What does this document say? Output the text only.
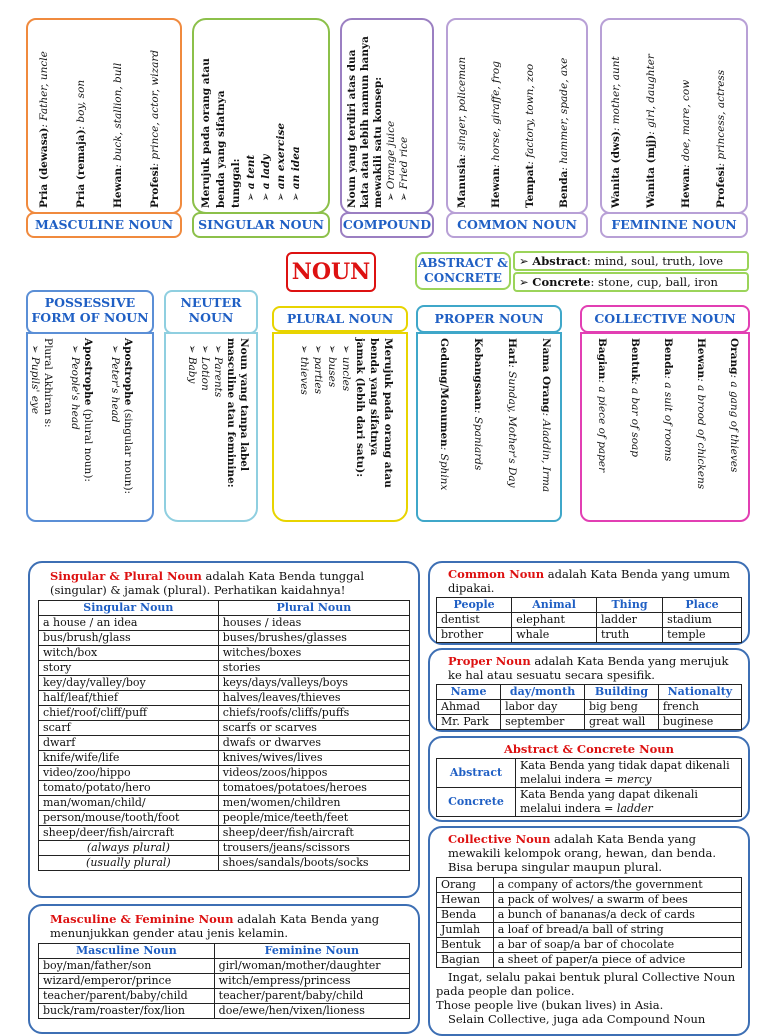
NOUN
Pria (dewasa): Father, uncle
Pria (remaja): boy, son
Hewan: buck, stallion, bull
Profesi: prince, actor, wizard
MASCULINE NOUN
Merujuk pada orang atau benda yang sifatnya tunggal: ➢ a tent
➢ a lady
➢ an exercise
➢ an idea
SINGULAR NOUN
Noun yang terdiri atas dua kata atau lebih namun hanya mewakili satu konsep: ➢ Orange juice
➢ Fried rice
COMPOUND
Manusia: singer, policeman
Hewan: horse, giraffe, frog
Tempat: factory, town, zoo
Benda: hammer, spade, axe
COMMON NOUN
Wanita (dws): mother, aunt
Wanita (mjj): girl, daughter
Hewan: doe, mare, cow
Profesi: princess, actress
FEMININE NOUN
ABSTRACT & CONCRETE
➢ Abstract: mind, soul, truth, love
➢ Concrete: stone, cup, ball, iron
POSSESSIVE FORM OF NOUN
Apostrophe (singular noun):
➢ Peter's head
Apostrophe (plural noun):
➢ People's head
Plural Akhiran s:
➢ Pupils' eye
NEUTER NOUN
Noun yang tanpa label
masculine atau feminine:
➢ Parents
➢ Lotion
➢ Baby
PLURAL NOUN
Merujuk pada orang atau
benda yang sifatnya
jamak (lebih dari satu):
➢ uncles
➢ buses
➢ parties
➢ thieves
PROPER NOUN
Nama Orang: Aladdin, Irma
Hari: Sunday, Mother's Day
Kebangsaan: Spaniards
Gedung/Monumen: Sphinx
COLLECTIVE NOUN
Orang: a gang of thieves
Hewan: a brood of chickens
Benda: a suit of rooms
Bentuk: a bar of soap
Bagian: a piece of paper
Singular & Plural Noun adalah Kata Benda tunggal (singular) & jamak (plural). Perhatikan kaidahnya!
Singular Noun	Plural Noun
a house / an idea	houses / ideas
bus/brush/glass	buses/brushes/glasses
witch/box	witches/boxes
story	stories
key/day/valley/boy	keys/days/valleys/boys
half/leaf/thief	halves/leaves/thieves
chief/roof/cliff/puff	chiefs/roofs/cliffs/puffs
scarf	scarfs or scarves
dwarf	dwafs or dwarves
knife/wife/life	knives/wives/lives
video/zoo/hippo	videos/zoos/hippos
tomato/potato/hero	tomatoes/potatoes/heroes
man/woman/child/	men/women/children
person/mouse/tooth/foot	people/mice/teeth/feet
sheep/deer/fish/aircraft	sheep/deer/fish/aircraft
(always plural)	trousers/jeans/scissors
(usually plural)	shoes/sandals/boots/socks
Masculine & Feminine Noun adalah Kata Benda yang menunjukkan gender atau jenis kelamin.
Masculine Noun	Feminine Noun
boy/man/father/son	girl/woman/mother/daughter
wizard/emperor/prince	witch/empress/princess
teacher/parent/baby/child	teacher/parent/baby/child
buck/ram/roaster/fox/lion	doe/ewe/hen/vixen/lioness
Common Noun adalah Kata Benda yang umum dipakai.
People	Animal	Thing	Place
dentist	elephant	ladder	stadium
brother	whale	truth	temple
Proper Noun adalah Kata Benda yang merujuk ke hal atau sesuatu secara spesifik.
Name	day/month	Building	Nationalty
Ahmad	labor day	big beng	french
Mr. Park	september	great wall	buginese
Abstract & Concrete Noun
Abstract	Kata Benda yang tidak dapat dikenali melalui indera = mercy
Concrete	Kata Benda yang dapat dikenali melalui indera = ladder
Collective Noun adalah Kata Benda yang mewakili kelompok orang, hewan, dan benda. Bisa berupa singular maupun plural.
Orang	a company of actors/the government
Hewan	a pack of wolves/ a swarm of bees
Benda	a bunch of bananas/a deck of cards
Jumlah	a loaf of bread/a ball of string
Bentuk	a bar of soap/a bar of chocolate
Bagian	a sheet of paper/a piece of advice
Ingat, selalu pakai bentuk plural Collective Noun pada people dan police.
Those people live (bukan lives) in Asia.
Selain Collective, juga ada Compound Noun
